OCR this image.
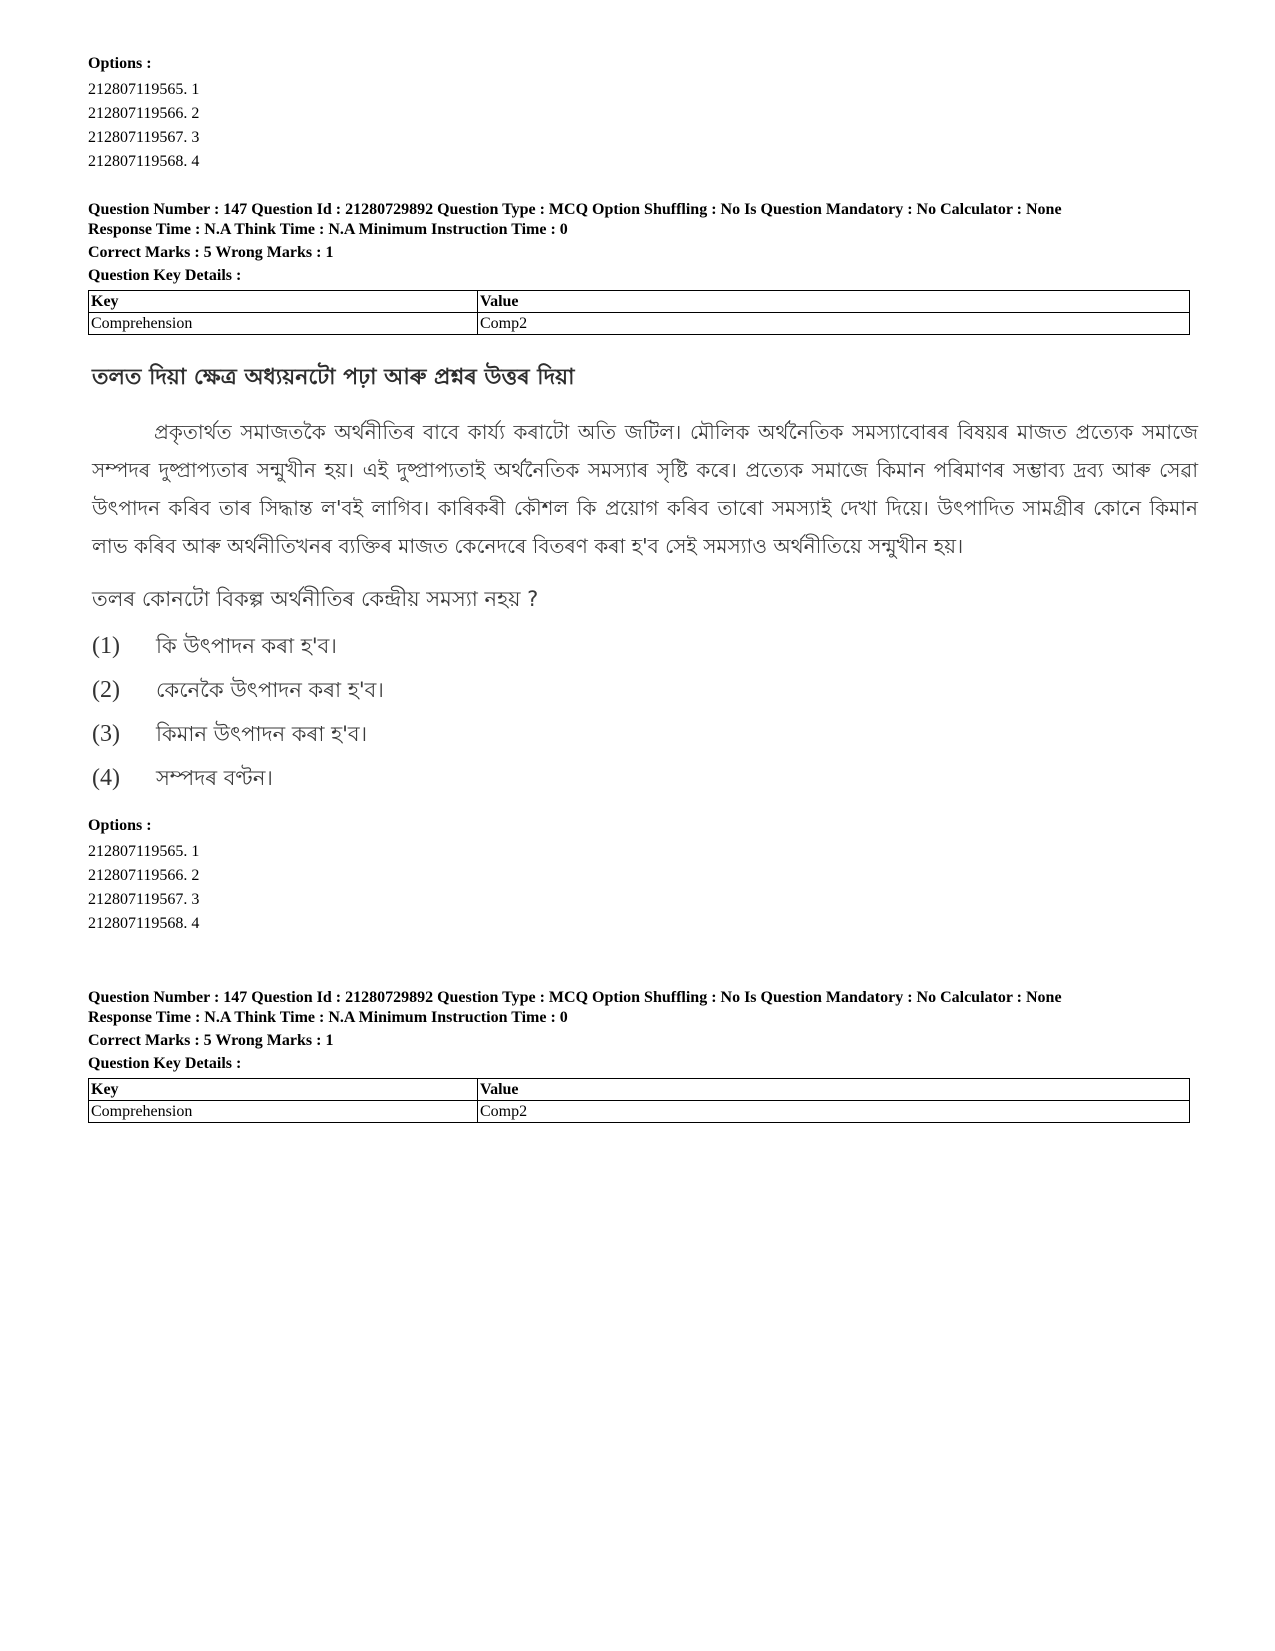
Options :
212807119565. 1
212807119566. 2
212807119567. 3
212807119568. 4
Question Number : 147 Question Id : 21280729892 Question Type : MCQ Option Shuffling : No Is Question Mandatory : No Calculator : None
Response Time : N.A Think Time : N.A Minimum Instruction Time : 0
Correct Marks : 5 Wrong Marks : 1
Question Key Details :
Key	Value
Comprehension	Comp2
তলত দিয়া ক্ষেত্ৰ অধ্যয়নটো পঢ়া আৰু প্ৰশ্নৰ উত্তৰ দিয়া
প্ৰকৃতাৰ্থত সমাজতকৈ অৰ্থনীতিৰ বাবে কাৰ্য্য কৰাটো অতি জটিল। মৌলিক অৰ্থনৈতিক সমস্যাবোৰৰ বিষয়ৰ মাজত প্ৰত্যেক সমাজে সম্পদৰ দুষ্প্ৰাপ্যতাৰ সন্মুখীন হয়। এই দুষ্প্ৰাপ্যতাই অৰ্থনৈতিক সমস্যাৰ সৃষ্টি কৰে। প্ৰত্যেক সমাজে কিমান পৰিমাণৰ সম্ভাব্য দ্ৰব্য আৰু সেৱা উৎপাদন কৰিব তাৰ সিদ্ধান্ত ল'বই লাগিব। কাৰিকৰী কৌশল কি প্ৰয়োগ কৰিব তাৰো সমস্যাই দেখা দিয়ে। উৎপাদিত সামগ্ৰীৰ কোনে কিমান লাভ কৰিব আৰু অৰ্থনীতিখনৰ ব্যক্তিৰ মাজত কেনেদৰে বিতৰণ কৰা হ'ব সেই সমস্যাও অৰ্থনীতিয়ে সন্মুখীন হয়।
তলৰ কোনটো বিকল্প অৰ্থনীতিৰ কেন্দ্ৰীয় সমস্যা নহয় ?
(1)	কি উৎপাদন কৰা হ'ব।
(2)	কেনেকৈ উৎপাদন কৰা হ'ব।
(3)	কিমান উৎপাদন কৰা হ'ব।
(4)	সম্পদৰ বণ্টন।
Options :
212807119565. 1
212807119566. 2
212807119567. 3
212807119568. 4
Question Number : 147 Question Id : 21280729892 Question Type : MCQ Option Shuffling : No Is Question Mandatory : No Calculator : None
Response Time : N.A Think Time : N.A Minimum Instruction Time : 0
Correct Marks : 5 Wrong Marks : 1
Question Key Details :
Key	Value
Comprehension	Comp2
